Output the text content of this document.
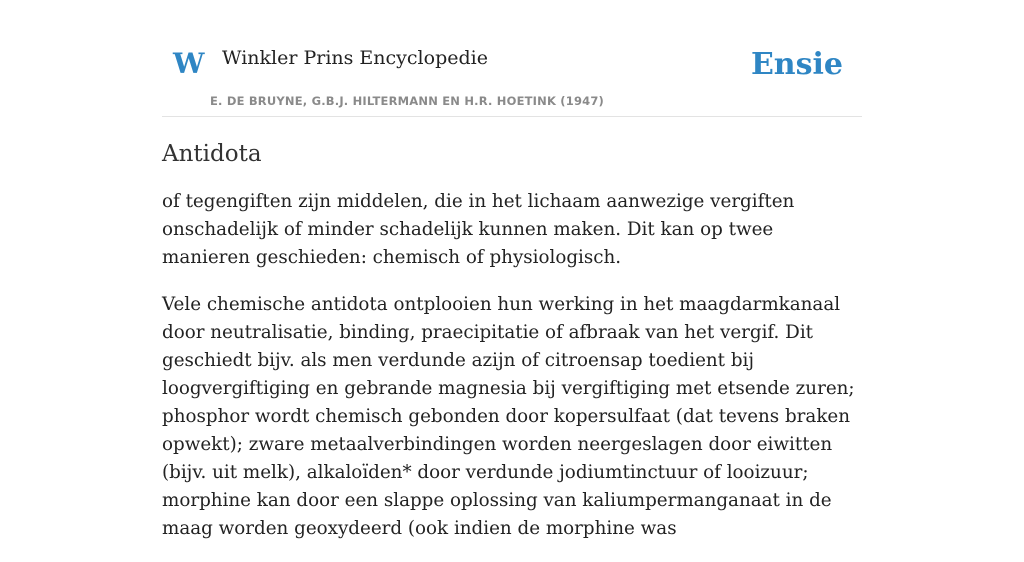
W Winkler Prins Encyclopedie
E. DE BRUYNE, G.B.J. HILTERMANN EN H.R. HOETINK (1947)
Ensie
Antidota

of tegengiften zijn middelen, die in het lichaam aanwezige vergiften onschadelijk of minder schadelijk kunnen maken. Dit kan op twee manieren geschieden: chemisch of physiologisch.

Vele chemische antidota ontplooien hun werking in het maagdarmkanaal door neutralisatie, binding, praecipitatie of afbraak van het vergif. Dit geschiedt bijv. als men verdunde azijn of citroensap toedient bij loogvergiftiging en gebrande magnesia bij vergiftiging met etsende zuren; phosphor wordt chemisch gebonden door kopersulfaat (dat tevens braken opwekt); zware metaalverbindingen worden neergeslagen door eiwitten (bijv. uit melk), alkaloïden* door verdunde jodiumtinctuur of looizuur; morphine kan door een slappe oplossing van kaliumpermanganaat in de maag worden geoxydeerd (ook indien de morphine was
